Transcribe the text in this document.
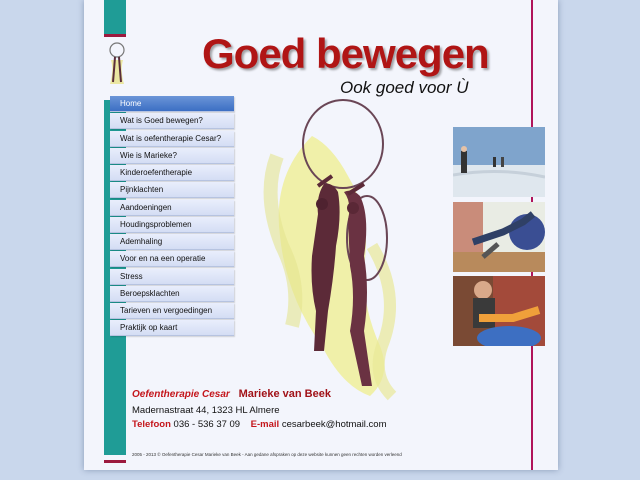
Goed bewegen
Ook goed voor Ù
Home
Wat is Goed bewegen?
Wat is oefentherapie Cesar?
Wie is Marieke?
Kinderoefentherapie
Pijnklachten
Aandoeningen
Houdingsproblemen
Ademhaling
Voor en na een operatie
Stress
Beroepsklachten
Tarieven en vergoedingen
Praktijk op kaart
Oefentherapie Cesar Marieke van Beek
Madernastraat 44, 1323 HL Almere
Telefoon 036 - 536 37 09 E-mail cesarbeek@hotmail.com
2005 - 2013 © Oefentherapie Cesar Marieke van Beek - Aan gedane afspraken op deze website kunnen geen rechten worden verleend
